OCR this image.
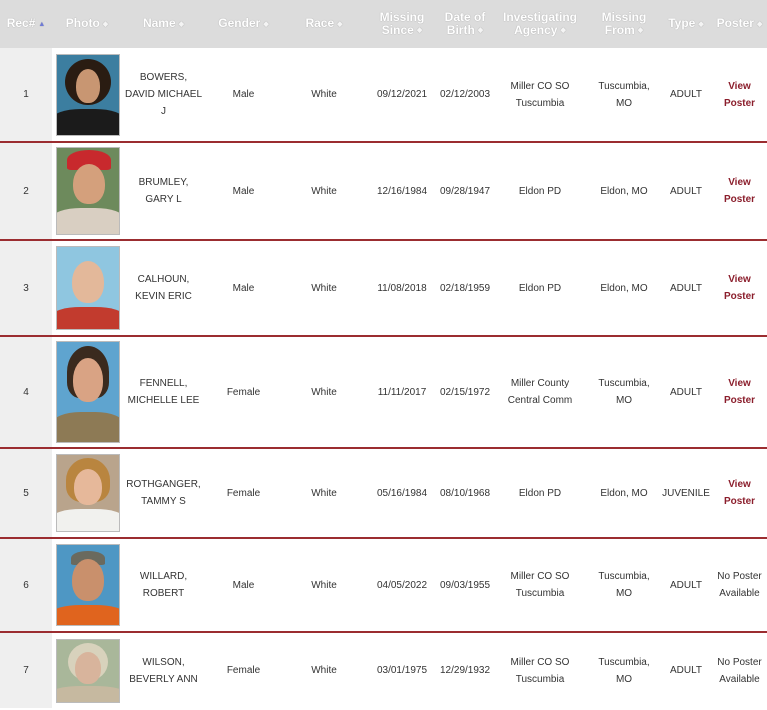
Rec# ▲	Photo ◆	Name ◆	Gender ◆	Race ◆	Missing Since ◆	Date of Birth ◆	Investigating Agency ◆	Missing From ◆	Type ◆	Poster ◆
1		BOWERS, DAVID MICHAEL J	Male	White	09/12/2021	02/12/2003	Miller CO SO Tuscumbia	Tuscumbia, MO	ADULT	View Poster
2		BRUMLEY, GARY L	Male	White	12/16/1984	09/28/1947	Eldon PD	Eldon, MO	ADULT	View Poster
3		CALHOUN, KEVIN ERIC	Male	White	11/08/2018	02/18/1959	Eldon PD	Eldon, MO	ADULT	View Poster
4		FENNELL, MICHELLE LEE	Female	White	11/11/2017	02/15/1972	Miller County Central Comm	Tuscumbia, MO	ADULT	View Poster
5		ROTHGANGER, TAMMY S	Female	White	05/16/1984	08/10/1968	Eldon PD	Eldon, MO	JUVENILE	View Poster
6		WILLARD, ROBERT	Male	White	04/05/2022	09/03/1955	Miller CO SO Tuscumbia	Tuscumbia, MO	ADULT	No Poster Available
7		WILSON, BEVERLY ANN	Female	White	03/01/1975	12/29/1932	Miller CO SO Tuscumbia	Tuscumbia, MO	ADULT	No Poster Available
